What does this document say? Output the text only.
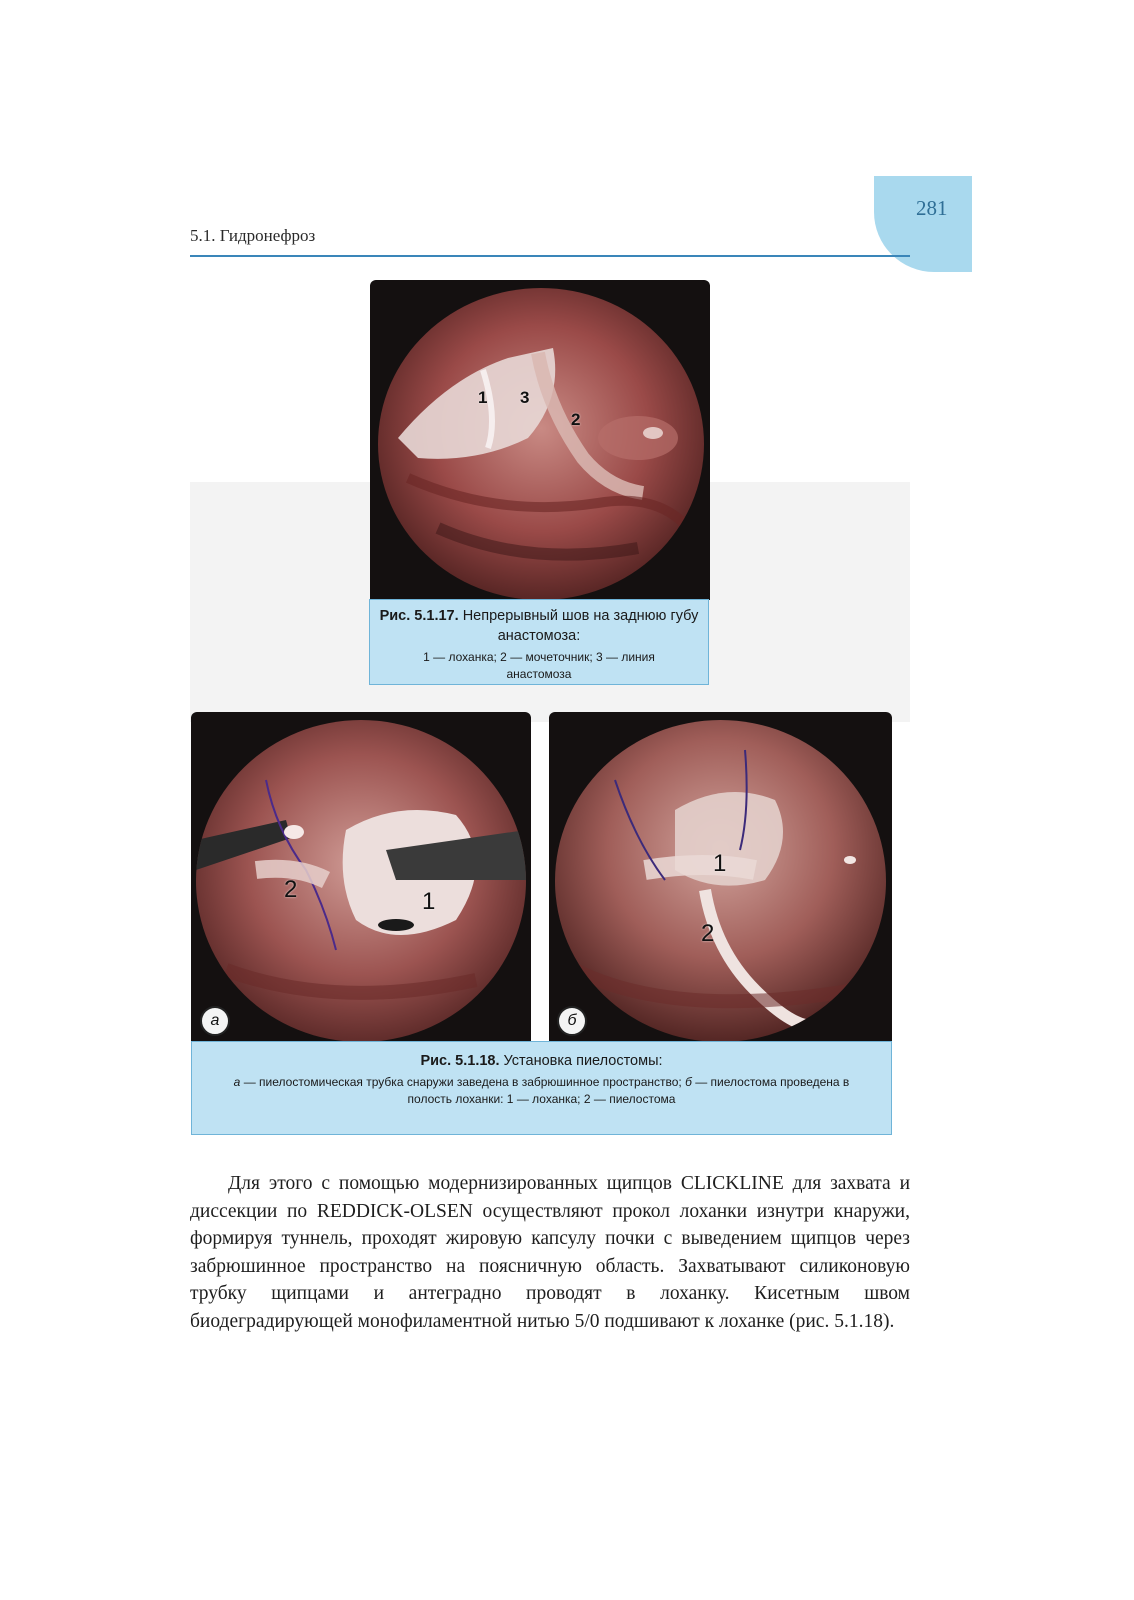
281
5.1. Гидронефроз
1 3
2
Рис. 5.1.17. Непрерывный шов на заднюю губу анастомоза:
1 — лоханка; 2 — мочеточник; 3 — линия анастомоза
2	1
а
1
2
б
Рис. 5.1.18. Установка пиелостомы:
а — пиелостомическая трубка снаружи заведена в забрюшинное пространство; б — пиелостома проведена в полость лоханки: 1 — лоханка; 2 — пиелостома

Для этого с помощью модернизированных щипцов CLICKLINE для захвата и диссекции по REDDICK-OLSEN осуществляют прокол лоханки изнутри кнаружи, формируя туннель, проходят жировую капсулу почки с выведением щипцов через забрюшинное пространство на поясничную область. Захватывают силиконовую трубку щипцами и антеградно проводят в лоханку. Кисетным швом биодеградирующей монофиламентной нитью 5/0 подшивают к лоханке (рис. 5.1.18).
